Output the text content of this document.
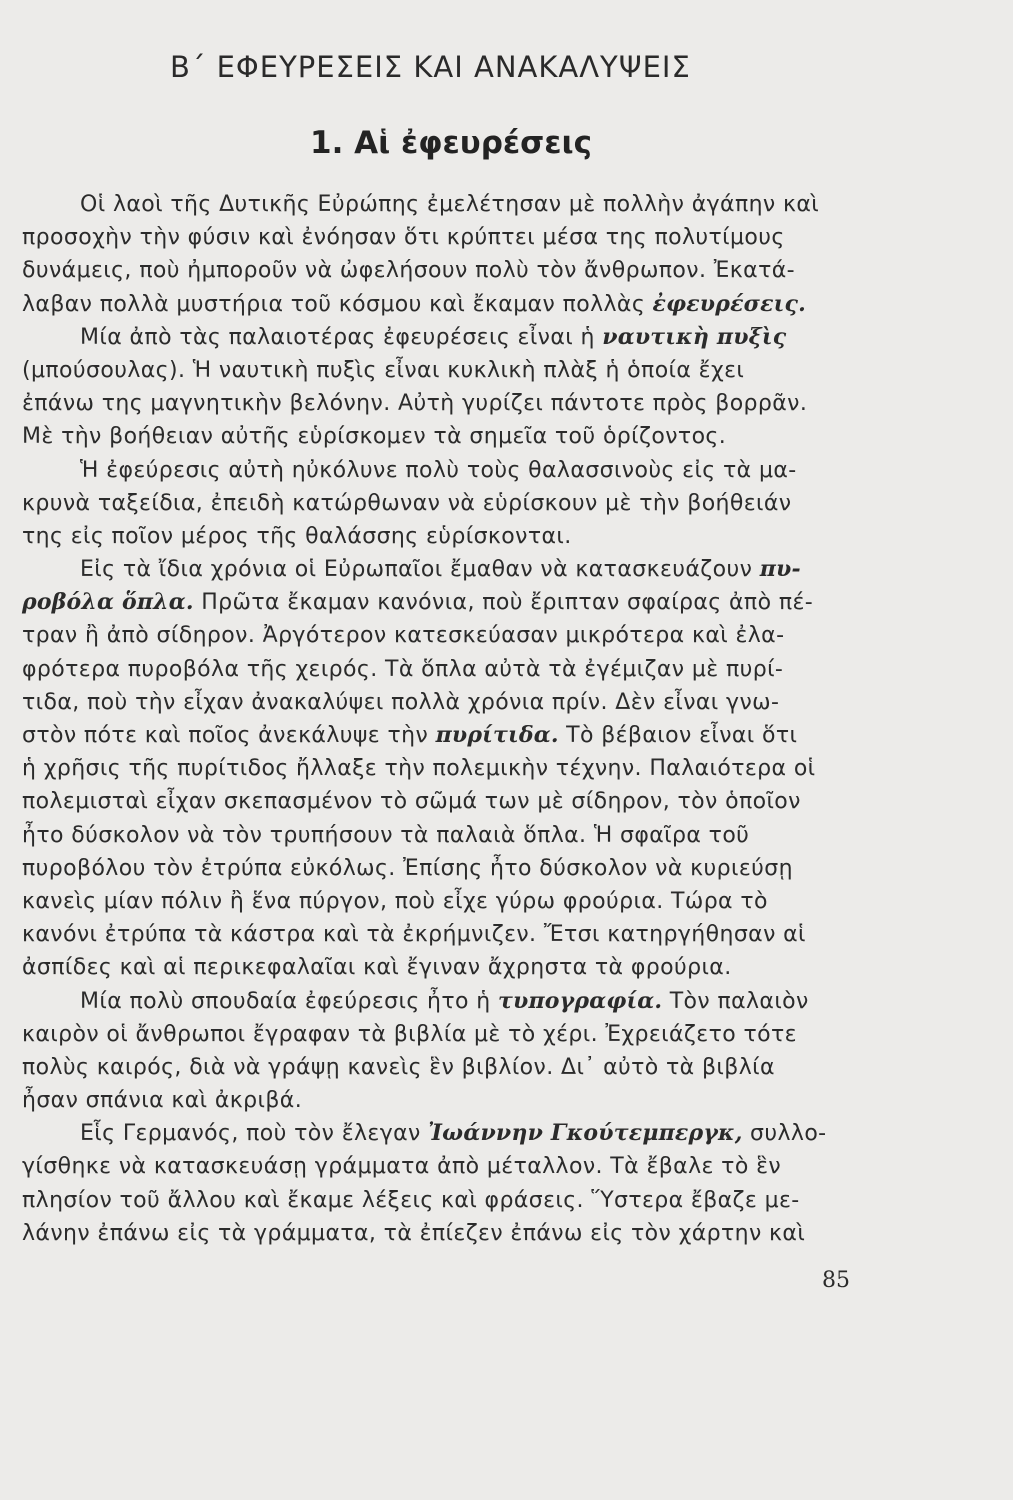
Β΄ ΕΦΕΥΡΕΣΕΙΣ ΚΑΙ ΑΝΑΚΑΛΥΨΕΙΣ
1. Αἱ ἐφευρέσεις
Οἱ λαοὶ τῆς Δυτικῆς Εὐρώπης ἐμελέτησαν μὲ πολλὴν ἀγάπην καὶ
προσοχὴν τὴν φύσιν καὶ ἐνόησαν ὅτι κρύπτει μέσα της πολυτίμους
δυνάμεις, ποὺ ἠμποροῦν νὰ ὠφελήσουν πολὺ τὸν ἄνθρωπον. Ἐκατά-
λαβαν πολλὰ μυστήρια τοῦ κόσμου καὶ ἔκαμαν πολλὰς ἐφευρέσεις.
Μία ἀπὸ τὰς παλαιοτέρας ἐφευρέσεις εἶναι ἡ ναυτικὴ πυξὶς
(μπούσουλας). Ἡ ναυτικὴ πυξὶς εἶναι κυκλικὴ πλὰξ ἡ ὁποία ἔχει
ἐπάνω της μαγνητικὴν βελόνην. Αὐτὴ γυρίζει πάντοτε πρὸς βορρᾶν.
Μὲ τὴν βοήθειαν αὐτῆς εὑρίσκομεν τὰ σημεῖα τοῦ ὁρίζοντος.
Ἡ ἐφεύρεσις αὐτὴ ηὐκόλυνε πολὺ τοὺς θαλασσινοὺς εἰς τὰ μα-
κρυνὰ ταξείδια, ἐπειδὴ κατώρθωναν νὰ εὑρίσκουν μὲ τὴν βοήθειάν
της εἰς ποῖον μέρος τῆς θαλάσσης εὑρίσκονται.
Εἰς τὰ ἴδια χρόνια οἱ Εὐρωπαῖοι ἔμαθαν νὰ κατασκευάζουν πυ-
ροβόλα ὅπλα. Πρῶτα ἔκαμαν κανόνια, ποὺ ἔριπταν σφαίρας ἀπὸ πέ-
τραν ἢ ἀπὸ σίδηρον. Ἀργότερον κατεσκεύασαν μικρότερα καὶ ἐλα-
φρότερα πυροβόλα τῆς χειρός. Τὰ ὅπλα αὐτὰ τὰ ἐγέμιζαν μὲ πυρί-
τιδα, ποὺ τὴν εἶχαν ἀνακαλύψει πολλὰ χρόνια πρίν. Δὲν εἶναι γνω-
στὸν πότε καὶ ποῖος ἀνεκάλυψε τὴν πυρίτιδα. Τὸ βέβαιον εἶναι ὅτι
ἡ χρῆσις τῆς πυρίτιδος ἤλλαξε τὴν πολεμικὴν τέχνην. Παλαιότερα οἱ
πολεμισταὶ εἶχαν σκεπασμένον τὸ σῶμά των μὲ σίδηρον, τὸν ὁποῖον
ἦτο δύσκολον νὰ τὸν τρυπήσουν τὰ παλαιὰ ὅπλα. Ἡ σφαῖρα τοῦ
πυροβόλου τὸν ἐτρύπα εὐκόλως. Ἐπίσης ἦτο δύσκολον νὰ κυριεύσῃ
κανεὶς μίαν πόλιν ἢ ἕνα πύργον, ποὺ εἶχε γύρω φρούρια. Τώρα τὸ
κανόνι ἐτρύπα τὰ κάστρα καὶ τὰ ἐκρήμνιζεν. Ἔτσι κατηργήθησαν αἱ
ἀσπίδες καὶ αἱ περικεφαλαῖαι καὶ ἔγιναν ἄχρηστα τὰ φρούρια.
Μία πολὺ σπουδαία ἐφεύρεσις ἦτο ἡ τυπογραφία. Τὸν παλαιὸν
καιρὸν οἱ ἄνθρωποι ἔγραφαν τὰ βιβλία μὲ τὸ χέρι. Ἐχρειάζετο τότε
πολὺς καιρός, διὰ νὰ γράψῃ κανεὶς ἓν βιβλίον. Δι᾽ αὐτὸ τὰ βιβλία
ἦσαν σπάνια καὶ ἀκριβά.
Εἷς Γερμανός, ποὺ τὸν ἔλεγαν Ἰωάννην Γκούτεμπεργκ, συλλο-
γίσθηκε νὰ κατασκευάσῃ γράμματα ἀπὸ μέταλλον. Τὰ ἔβαλε τὸ ἓν
πλησίον τοῦ ἄλλου καὶ ἔκαμε λέξεις καὶ φράσεις. Ὕστερα ἔβαζε με-
λάνην ἐπάνω εἰς τὰ γράμματα, τὰ ἐπίεζεν ἐπάνω εἰς τὸν χάρτην καὶ
85
